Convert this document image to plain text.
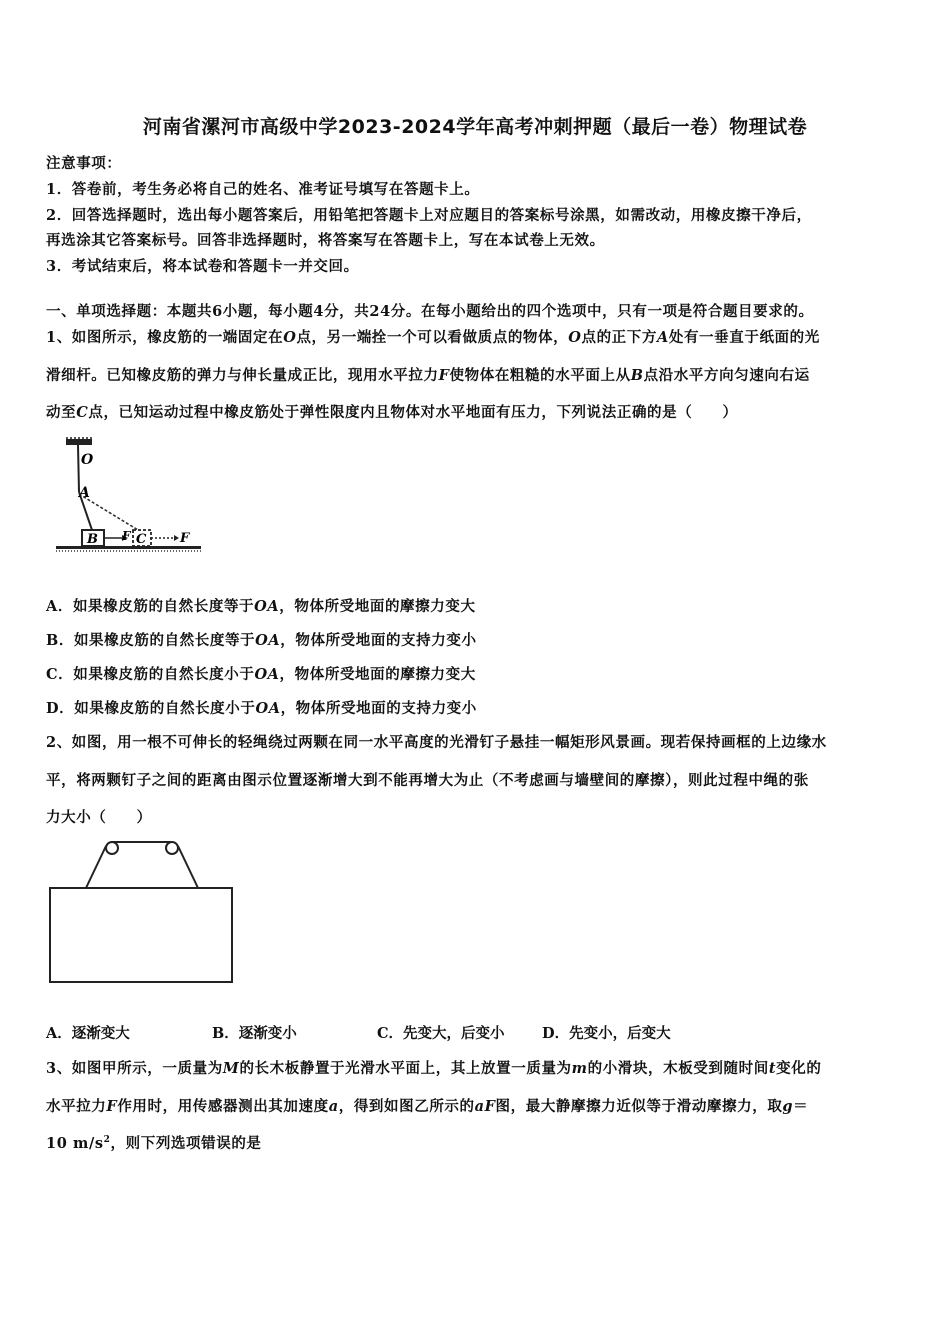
河南省漯河市高级中学2023-2024学年高考冲刺押题（最后一卷）物理试卷
注意事项：
1．答卷前，考生务必将自己的姓名、准考证号填写在答题卡上。
2．回答选择题时，选出每小题答案后，用铅笔把答题卡上对应题目的答案标号涂黑，如需改动，用橡皮擦干净后，
再选涂其它答案标号。回答非选择题时，将答案写在答题卡上，写在本试卷上无效。
3．考试结束后，将本试卷和答题卡一并交回。
一、单项选择题：本题共6小题，每小题4分，共24分。在每小题给出的四个选项中，只有一项是符合题目要求的。
1、如图所示，橡皮筋的一端固定在O点，另一端拴一个可以看做质点的物体，O点的正下方A处有一垂直于纸面的光
滑细杆。已知橡皮筋的弹力与伸长量成正比，现用水平拉力F使物体在粗糙的水平面上从B点沿水平方向匀速向右运
动至C点，已知运动过程中橡皮筋处于弹性限度内且物体对水平地面有压力，下列说法正确的是（　　）
O
A
B F C	F
A．如果橡皮筋的自然长度等于OA，物体所受地面的摩擦力变大
B．如果橡皮筋的自然长度等于OA，物体所受地面的支持力变小
C．如果橡皮筋的自然长度小于OA，物体所受地面的摩擦力变大
D．如果橡皮筋的自然长度小于OA，物体所受地面的支持力变小
2、如图，用一根不可伸长的轻绳绕过两颗在同一水平高度的光滑钉子悬挂一幅矩形风景画。现若保持画框的上边缘水
平，将两颗钉子之间的距离由图示位置逐渐增大到不能再增大为止（不考虑画与墙壁间的摩擦），则此过程中绳的张
力大小（　　）
A．逐渐变大	B．逐渐变小	C．先变大，后变小	D．先变小，后变大
3、如图甲所示，一质量为M的长木板静置于光滑水平面上，其上放置一质量为m的小滑块，木板受到随时间t变化的
水平拉力F作用时，用传感器测出其加速度a，得到如图乙所示的aF图，最大静摩擦力近似等于滑动摩擦力，取g＝
10 $m/s^2$，则下列选项错误的是
